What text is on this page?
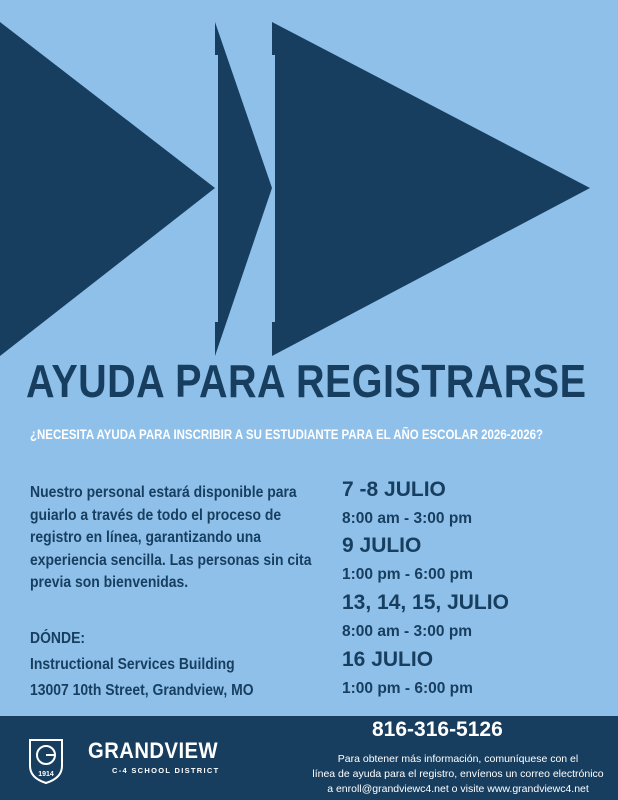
AYUDA PARA REGISTRARSE
¿NECESITA AYUDA PARA INSCRIBIR A SU ESTUDIANTE PARA EL AÑO ESCOLAR 2026-2026?
Nuestro personal estará disponible para guiarlo a través de todo el proceso de registro en línea, garantizando una experiencia sencilla. Las personas sin cita previa son bienvenidas.
DÓNDE:
Instructional Services Building
13007 10th Street, Grandview, MO
7 -8 JULIO
8:00 am - 3:00 pm
9 JULIO
1:00 pm - 6:00 pm
13, 14, 15, JULIO
8:00 am - 3:00 pm
16 JULIO
1:00 pm - 6:00 pm
1914
GRANDVIEW
C-4 SCHOOL DISTRICT
816-316-5126
Para obtener más información, comuníquese con el
línea de ayuda para el registro, envíenos un correo electrónico
a enroll@grandviewc4.net o visite www.grandviewc4.net
